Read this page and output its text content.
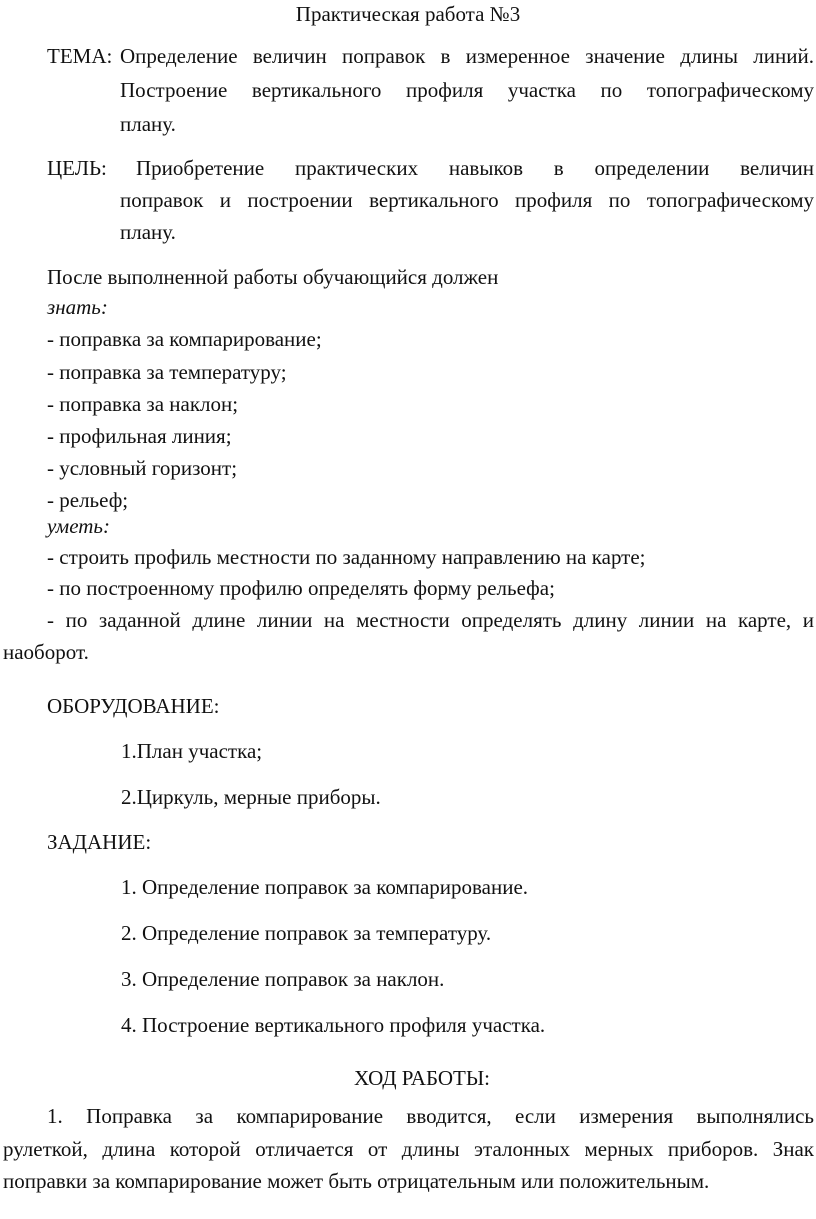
Практическая работа №3
ТЕМА: Определение величин поправок в измеренное значение длины линий.
Построение вертикального профиля участка по топографическому
плану.
ЦЕЛЬ: Приобретение практических навыков в определении величин
поправок и построении вертикального профиля по топографическому
плану.
После выполненной работы обучающийся должен
знать:
- поправка за компарирование;
- поправка за температуру;
- поправка за наклон;
- профильная линия;
- условный горизонт;
- рельеф;
уметь:
- строить профиль местности по заданному направлению на карте;
- по построенному профилю определять форму рельефа;
- по заданной длине линии на местности определять длину линии на карте, и
наоборот.
ОБОРУДОВАНИЕ:
1.План участка;
2.Циркуль, мерные приборы.
ЗАДАНИЕ:
1. Определение поправок за компарирование.
2. Определение поправок за температуру.
3. Определение поправок за наклон.
4. Построение вертикального профиля участка.
ХОД РАБОТЫ:
1. Поправка за компарирование вводится, если измерения выполнялись
рулеткой, длина которой отличается от длины эталонных мерных приборов. Знак
поправки за компарирование может быть отрицательным или положительным.
